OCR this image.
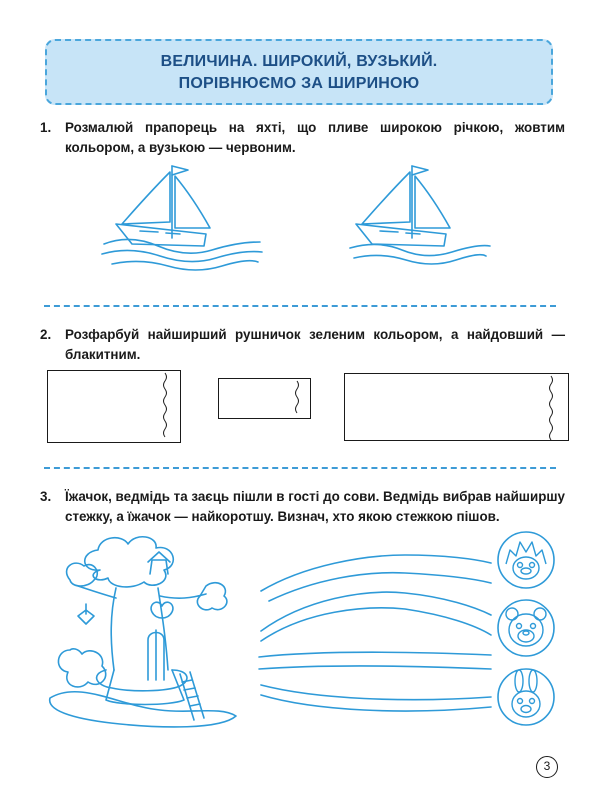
ВЕЛИЧИНА. ШИРОКИЙ, ВУЗЬКИЙ.
ПОРІВНЮЄМО ЗА ШИРИНОЮ
1. Розмалюй прапорець на яхті, що пливе широкою річкою, жовтим кольором, а вузькою — червоним.
2. Розфарбуй найширший рушничок зеленим кольором, а найдовший — блакитним.
3. Їжачок, ведмідь та заєць пішли в гості до сови. Ведмідь вибрав найширшу стежку, а їжачок — найкоротшу. Визнач, хто якою стежкою пішов.
3
